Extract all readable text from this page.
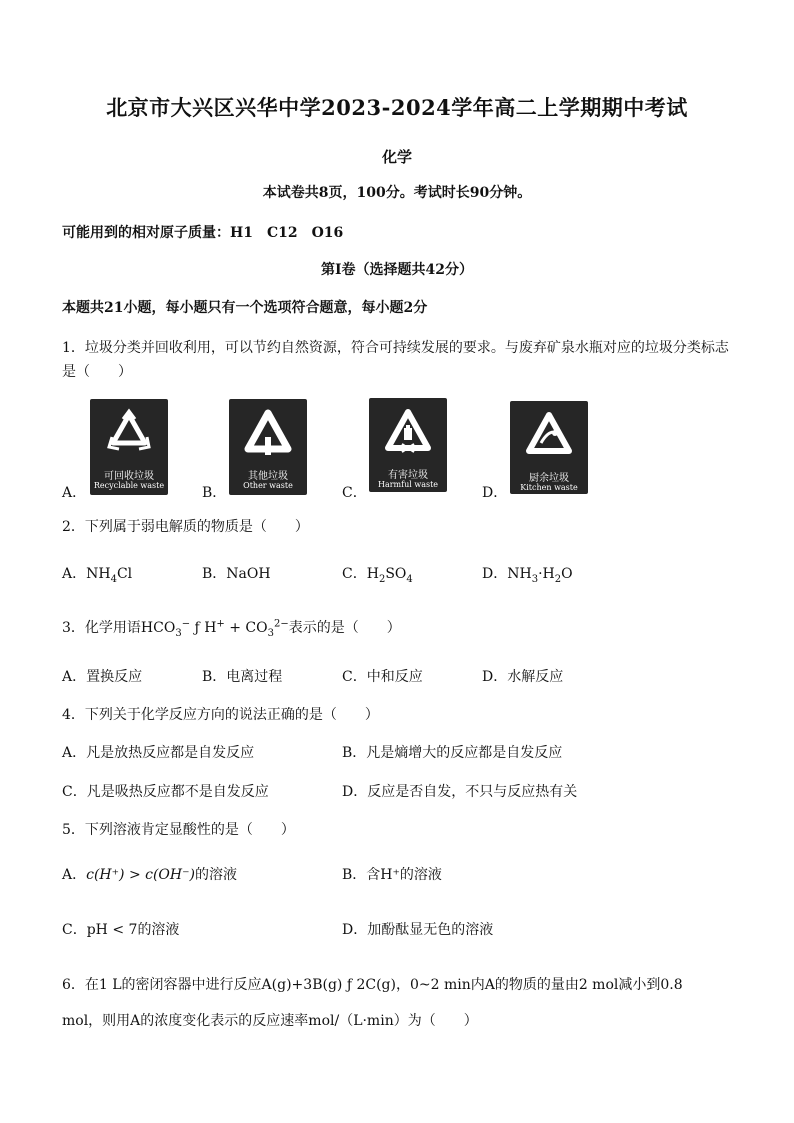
北京市大兴区兴华中学2023-2024学年高二上学期期中考试
化学
本试卷共8页，100分。考试时长90分钟。
可能用到的相对原子质量：H1　C12　O16
第Ⅰ卷（选择题共42分）
本题共21小题，每小题只有一个选项符合题意，每小题2分
1．垃圾分类并回收利用，可以节约自然资源，符合可持续发展的要求。与废弃矿泉水瓶对应的垃圾分类标志是（　　）
A．
可回收垃圾
Recyclable waste	B．
其他垃圾
Other waste	C．
有害垃圾
Harmful waste
D．
厨余垃圾
Kitchen waste
2．下列属于弱电解质的物质是（　　）
A．$NH_4Cl$	B．NaOH	C．$H_2SO_4$	D．$NH_3\cdot H_2O$
3．化学用语$HCO_3^-$ ƒ $H^+ + CO_3^{2-}$表示的是（　　）
A．置换反应	B．电离过程	C．中和反应	D．水解反应
4．下列关于化学反应方向的说法正确的是（　　）
A．凡是放热反应都是自发反应	B．凡是熵增大的反应都是自发反应
C．凡是吸热反应都不是自发反应	D．反应是否自发，不只与反应热有关
5．下列溶液肯定显酸性的是（　　）
A．c(H⁺) > c(OH⁻)的溶液	B．含H⁺的溶液
C．pH < 7的溶液	D．加酚酞显无色的溶液
6．在1 L的密闭容器中进行反应A(g)+3B(g) ƒ 2C(g)，0~2 min内A的物质的量由2 mol减小到0.8
mol，则用A的浓度变化表示的反应速率mol/（L·min）为（　　）
